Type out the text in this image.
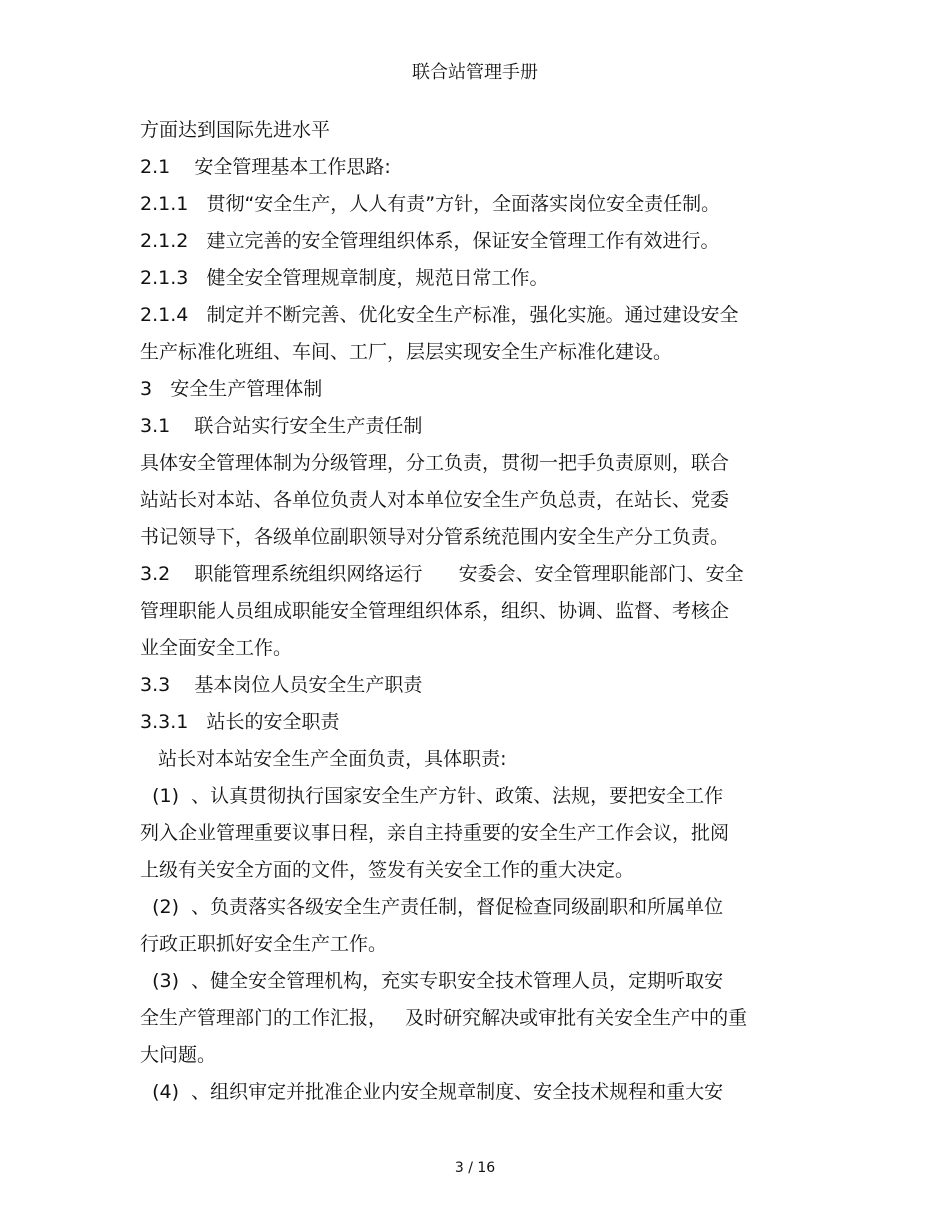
联合站管理手册
方面达到国际先进水平
2.1    安全管理基本工作思路:
2.1.1   贯彻“安全生产，人人有责”方针，全面落实岗位安全责任制。
2.1.2   建立完善的安全管理组织体系，保证安全管理工作有效进行。
2.1.3   健全安全管理规章制度，规范日常工作。
2.1.4   制定并不断完善、优化安全生产标准，强化实施。通过建设安全
生产标准化班组、车间、工厂，层层实现安全生产标准化建设。
3   安全生产管理体制
3.1    联合站实行安全生产责任制
具体安全管理体制为分级管理，分工负责，贯彻一把手负责原则，联合
站站长对本站、各单位负责人对本单位安全生产负总责，在站长、党委
书记领导下，各级单位副职领导对分管系统范围内安全生产分工负责。
3.2    职能管理系统组织网络运行      安委会、安全管理职能部门、安全
管理职能人员组成职能安全管理组织体系，组织、协调、监督、考核企
业全面安全工作。
3.3    基本岗位人员安全生产职责
3.3.1   站长的安全职责
站长对本站安全生产全面负责，具体职责:
(1)  、认真贯彻执行国家安全生产方针、政策、法规，要把安全工作
列入企业管理重要议事日程，亲自主持重要的安全生产工作会议，批阅
上级有关安全方面的文件，签发有关安全工作的重大决定。
(2)  、负责落实各级安全生产责任制，督促检查同级副职和所属单位
行政正职抓好安全生产工作。
(3)  、健全安全管理机构，充实专职安全技术管理人员，定期听取安
全生产管理部门的工作汇报，   及时研究解决或审批有关安全生产中的重
大问题。
(4)  、组织审定并批准企业内安全规章制度、安全技术规程和重大安
3 / 16
